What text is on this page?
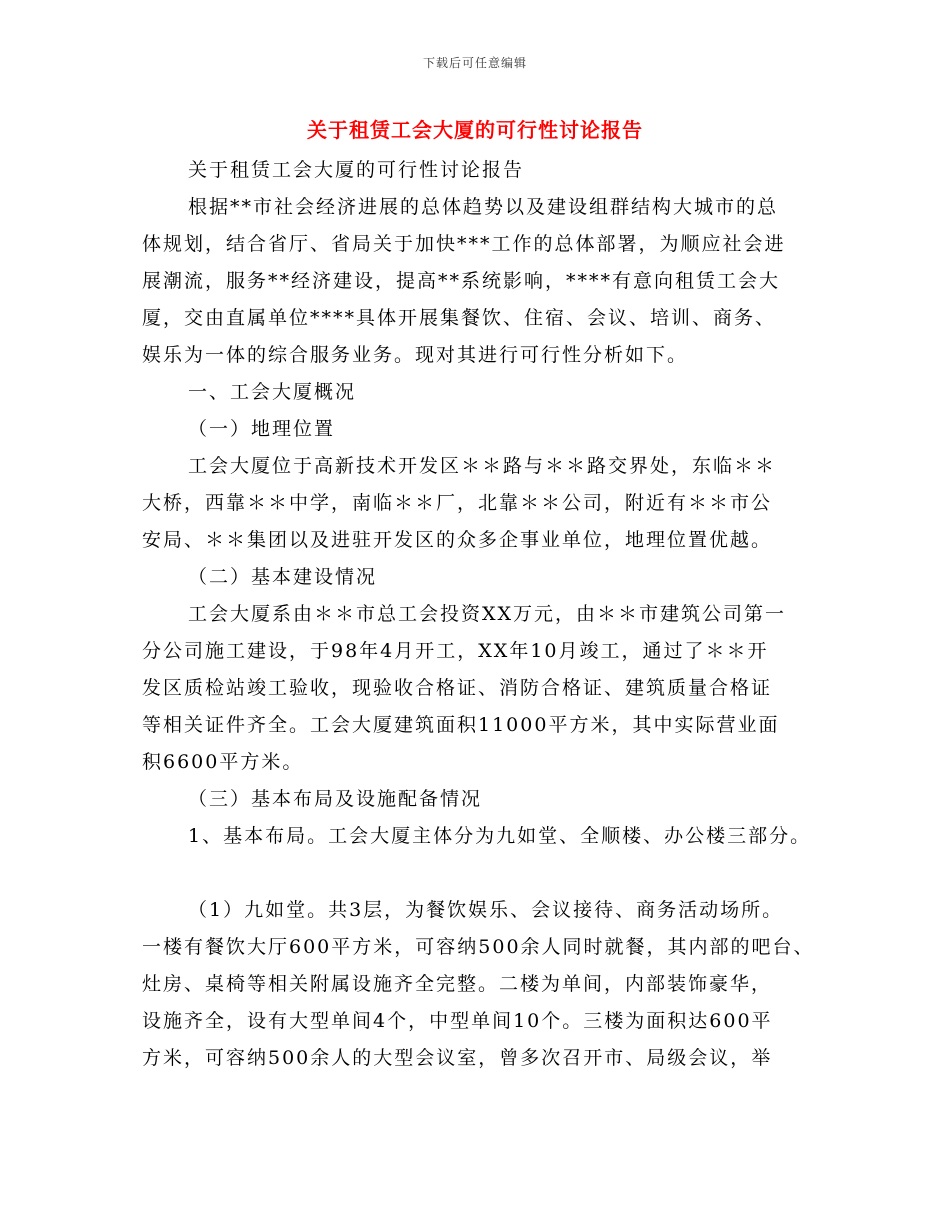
下载后可任意编辑
关于租赁工会大厦的可行性讨论报告
关于租赁工会大厦的可行性讨论报告
根据**市社会经济进展的总体趋势以及建设组群结构大城市的总
体规划，结合省厅、省局关于加快***工作的总体部署，为顺应社会进
展潮流，服务**经济建设，提高**系统影响，****有意向租赁工会大
厦，交由直属单位****具体开展集餐饮、住宿、会议、培训、商务、
娱乐为一体的综合服务业务。现对其进行可行性分析如下。
一、工会大厦概况
（一）地理位置
工会大厦位于高新技术开发区＊＊路与＊＊路交界处，东临＊＊
大桥，西靠＊＊中学，南临＊＊厂，北靠＊＊公司，附近有＊＊市公
安局、＊＊集团以及进驻开发区的众多企事业单位，地理位置优越。
（二）基本建设情况
工会大厦系由＊＊市总工会投资XX万元，由＊＊市建筑公司第一
分公司施工建设，于98年4月开工，XX年10月竣工，通过了＊＊开
发区质检站竣工验收，现验收合格证、消防合格证、建筑质量合格证
等相关证件齐全。工会大厦建筑面积11000平方米，其中实际营业面
积6600平方米。
（三）基本布局及设施配备情况
1、基本布局。工会大厦主体分为九如堂、全顺楼、办公楼三部分。
（1）九如堂。共3层，为餐饮娱乐、会议接待、商务活动场所。
一楼有餐饮大厅600平方米，可容纳500余人同时就餐，其内部的吧台、
灶房、桌椅等相关附属设施齐全完整。二楼为单间，内部装饰豪华，
设施齐全，设有大型单间4个，中型单间10个。三楼为面积达600平
方米，可容纳500余人的大型会议室，曾多次召开市、局级会议，举
